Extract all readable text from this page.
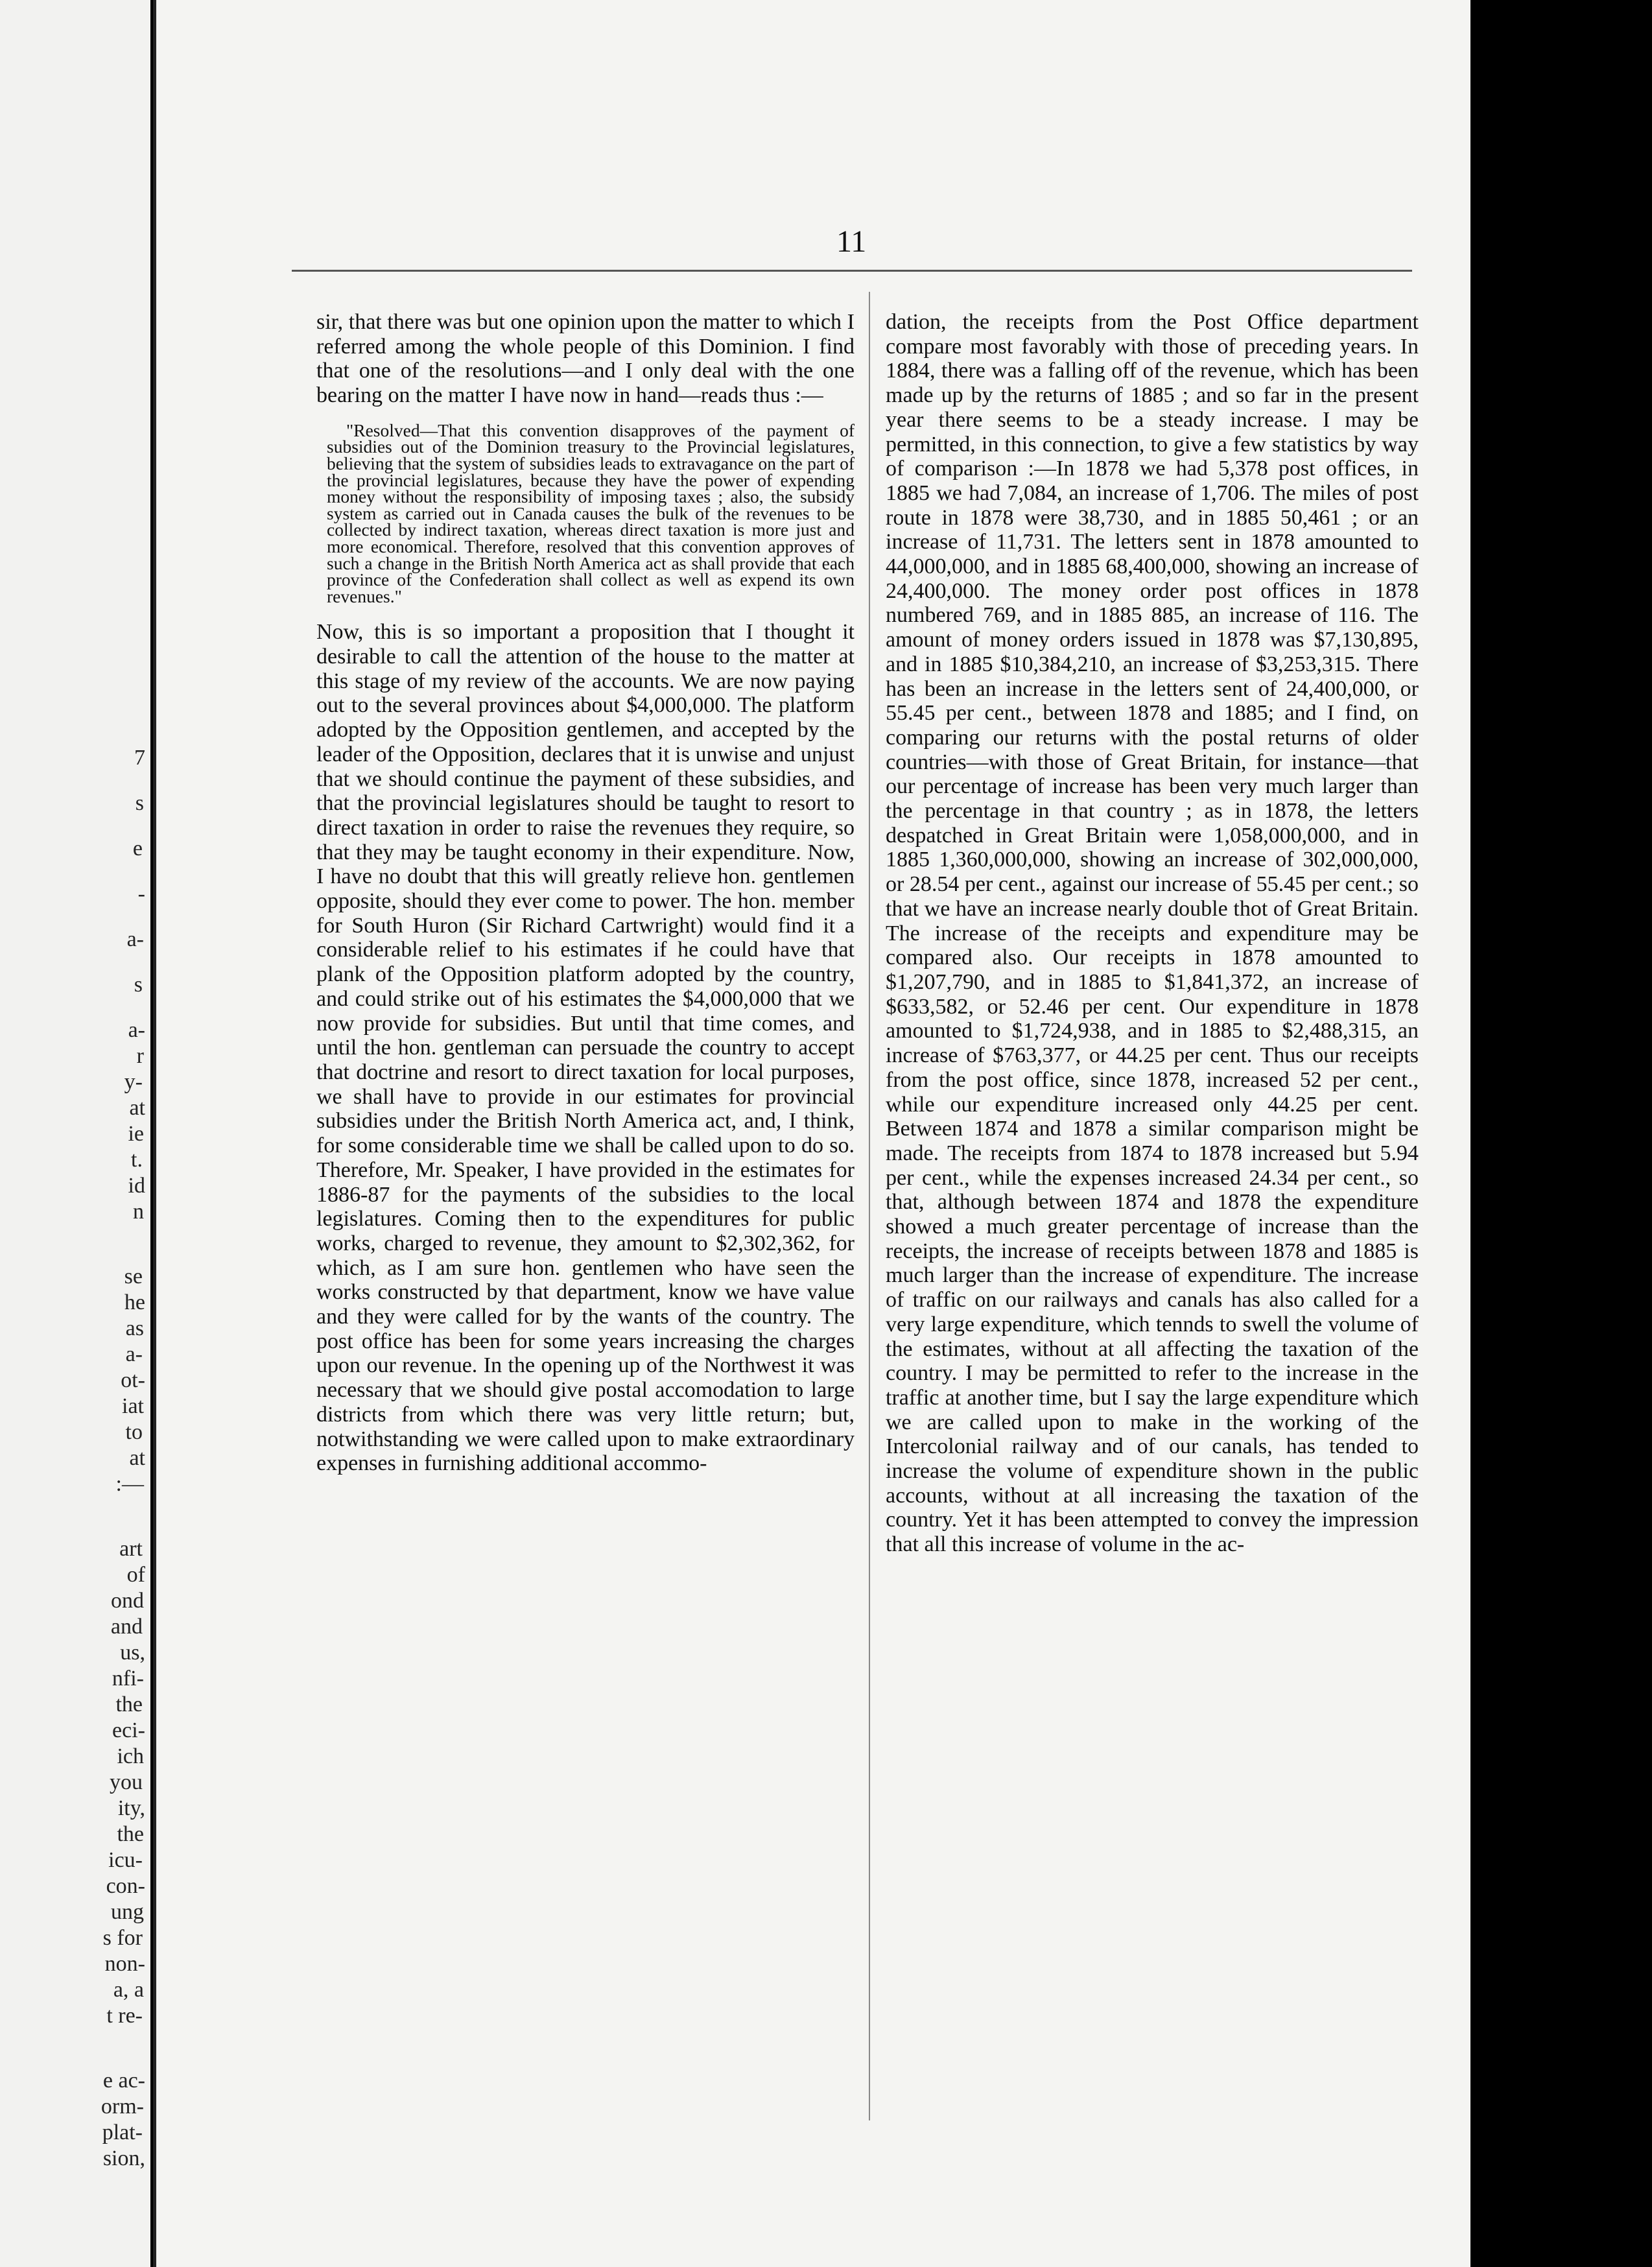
7
s
e
-
a-
s
a-
r
y-
at
ie
t.
id
n
se
he
as
a-
ot-
iat
to
at
:—
art
of
ond
and
us,
nfi-
the
eci-
ich
you
ity,
the
icu-
con-
ung
s for
non-
a, a
t re-
e ac-
orm-
plat-
sion,
11

sir, that there was but one opinion upon the matter to which I referred among the whole people of this Dominion. I find that one of the resolutions—and I only deal with the one bearing on the matter I have now in hand—reads thus :—

"Resolved—That this convention disapproves of the payment of subsidies out of the Dominion treasury to the Provincial legislatures, believing that the system of subsidies leads to extravagance on the part of the provincial legislatures, because they have the power of expending money without the responsibility of imposing taxes ; also, the subsidy system as carried out in Canada causes the bulk of the revenues to be collected by indirect taxation, whereas direct taxation is more just and more economical. Therefore, resolved that this convention approves of such a change in the British North America act as shall provide that each province of the Confederation shall collect as well as expend its own revenues."

Now, this is so important a proposition that I thought it desirable to call the attention of the house to the matter at this stage of my review of the accounts. We are now paying out to the several provinces about $4,000,000. The platform adopted by the Opposition gentlemen, and accepted by the leader of the Opposition, declares that it is unwise and unjust that we should continue the payment of these subsidies, and that the provincial legislatures should be taught to resort to direct taxation in order to raise the revenues they require, so that they may be taught economy in their expenditure. Now, I have no doubt that this will greatly relieve hon. gentlemen opposite, should they ever come to power. The hon. member for South Huron (Sir Richard Cartwright) would find it a considerable relief to his estimates if he could have that plank of the Opposition platform adopted by the country, and could strike out of his estimates the $4,000,000 that we now provide for subsidies. But until that time comes, and until the hon. gentleman can persuade the country to accept that doctrine and resort to direct taxation for local purposes, we shall have to provide in our estimates for provincial subsidies under the British North America act, and, I think, for some considerable time we shall be called upon to do so. Therefore, Mr. Speaker, I have provided in the estimates for 1886-87 for the payments of the subsidies to the local legislatures. Coming then to the expenditures for public works, charged to revenue, they amount to $2,302,362, for which, as I am sure hon. gentlemen who have seen the works constructed by that department, know we have value and they were called for by the wants of the country. The post office has been for some years increasing the charges upon our revenue. In the opening up of the Northwest it was necessary that we should give postal accomodation to large districts from which there was very little return; but, notwithstanding we were called upon to make extraordinary expenses in furnishing additional accommo-

dation, the receipts from the Post Office department compare most favorably with those of preceding years. In 1884, there was a falling off of the revenue, which has been made up by the returns of 1885 ; and so far in the present year there seems to be a steady increase. I may be permitted, in this connection, to give a few statistics by way of comparison :—In 1878 we had 5,378 post offices, in 1885 we had 7,084, an increase of 1,706. The miles of post route in 1878 were 38,730, and in 1885 50,461 ; or an increase of 11,731. The letters sent in 1878 amounted to 44,000,000, and in 1885 68,400,000, showing an increase of 24,400,000. The money order post offices in 1878 numbered 769, and in 1885 885, an increase of 116. The amount of money orders issued in 1878 was $7,130,895, and in 1885 $10,384,210, an increase of $3,253,315. There has been an increase in the letters sent of 24,400,000, or 55.45 per cent., between 1878 and 1885; and I find, on comparing our returns with the postal returns of older countries—with those of Great Britain, for instance—that our percentage of increase has been very much larger than the percentage in that country ; as in 1878, the letters despatched in Great Britain were 1,058,000,000, and in 1885 1,360,000,000, showing an increase of 302,000,000, or 28.54 per cent., against our increase of 55.45 per cent.; so that we have an increase nearly double thot of Great Britain. The increase of the receipts and expenditure may be compared also. Our receipts in 1878 amounted to $1,207,790, and in 1885 to $1,841,372, an increase of $633,582, or 52.46 per cent. Our expenditure in 1878 amounted to $1,724,938, and in 1885 to $2,488,315, an increase of $763,377, or 44.25 per cent. Thus our receipts from the post office, since 1878, increased 52 per cent., while our expenditure increased only 44.25 per cent. Between 1874 and 1878 a similar comparison might be made. The receipts from 1874 to 1878 increased but 5.94 per cent., while the expenses increased 24.34 per cent., so that, although between 1874 and 1878 the expenditure showed a much greater percentage of increase than the receipts, the increase of receipts between 1878 and 1885 is much larger than the increase of expenditure. The increase of traffic on our railways and canals has also called for a very large expenditure, which tennds to swell the volume of the estimates, without at all affecting the taxation of the country. I may be permitted to refer to the increase in the traffic at another time, but I say the large expenditure which we are called upon to make in the working of the Intercolonial railway and of our canals, has tended to increase the volume of expenditure shown in the public accounts, without at all increasing the taxation of the country. Yet it has been attempted to convey the impression that all this increase of volume in the ac-
